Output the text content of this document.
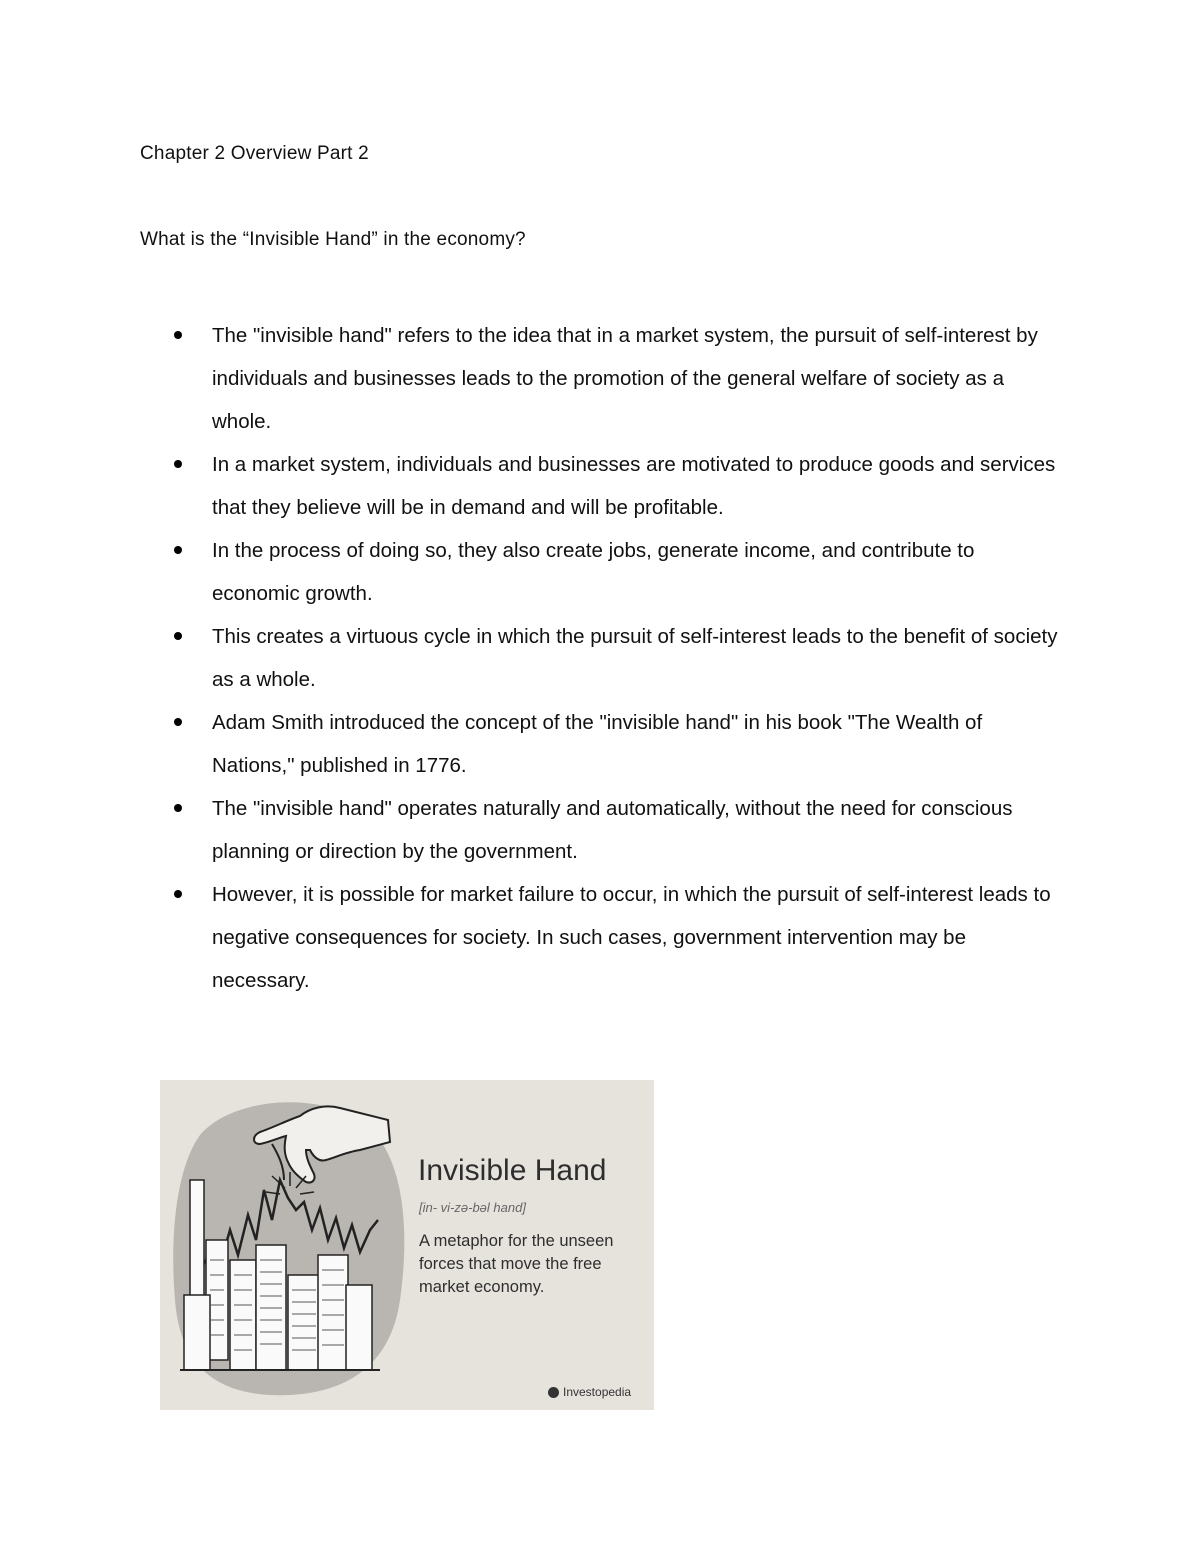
Chapter 2 Overview Part 2
What is the “Invisible Hand” in the economy?
The "invisible hand" refers to the idea that in a market system, the pursuit of self-interest by individuals and businesses leads to the promotion of the general welfare of society as a whole.
In a market system, individuals and businesses are motivated to produce goods and services that they believe will be in demand and will be profitable.
In the process of doing so, they also create jobs, generate income, and contribute to economic growth.
This creates a virtuous cycle in which the pursuit of self-interest leads to the benefit of society as a whole.
Adam Smith introduced the concept of the "invisible hand" in his book "The Wealth of Nations," published in 1776.
The "invisible hand" operates naturally and automatically, without the need for conscious planning or direction by the government.
However, it is possible for market failure to occur, in which the pursuit of self-interest leads to negative consequences for society. In such cases, government intervention may be necessary.
Invisible Hand
[in- vi-zə-bəl hand]
A metaphor for the unseen forces that move the free market economy.
Investopedia
